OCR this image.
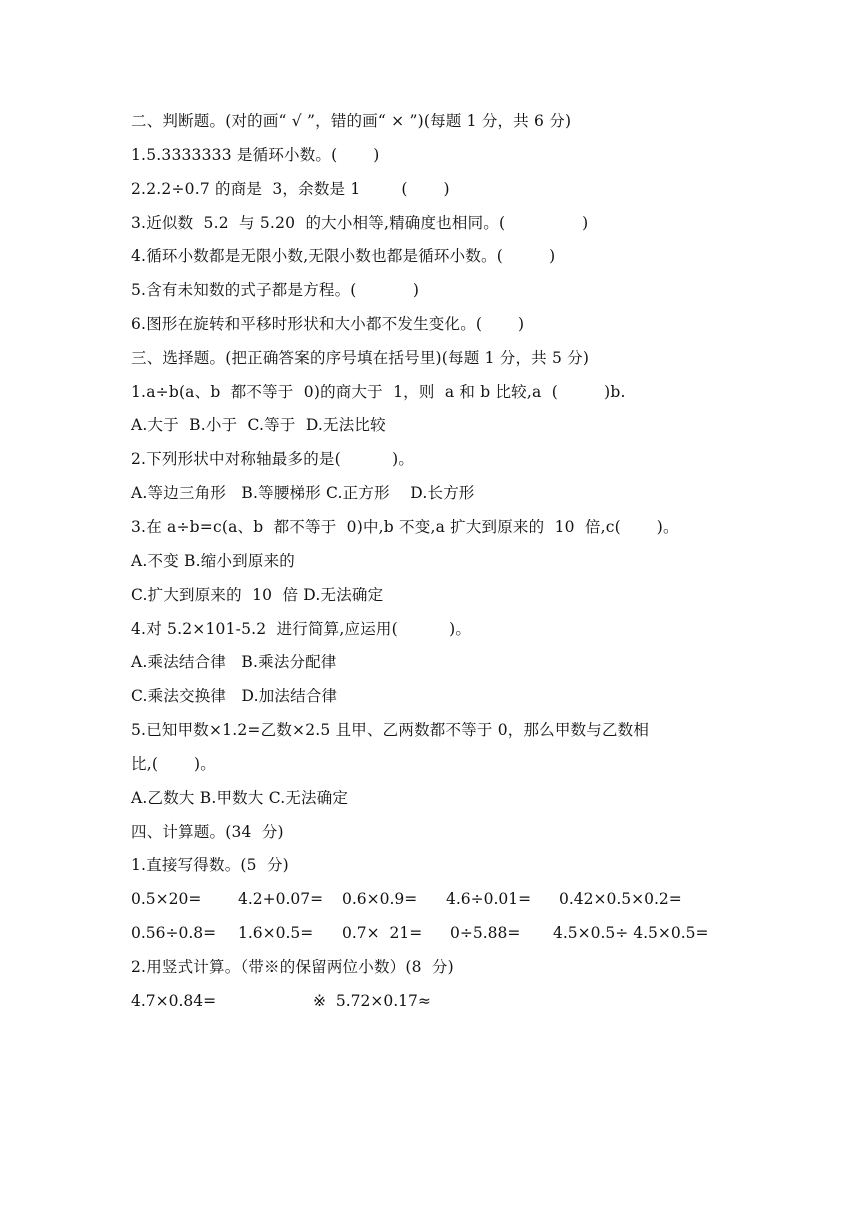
二、判断题。(对的画“ √ ”，错的画“ × ”)(每题 1 分，共 6 分)
1.5.3333333 是循环小数。(       )
2.2.2÷0.7 的商是  3，余数是 1        (       )
3.近似数  5.2  与 5.20  的大小相等,精确度也相同。(               )
4.循环小数都是无限小数,无限小数也都是循环小数。(         )
5.含有未知数的式子都是方程。(           )
6.图形在旋转和平移时形状和大小都不发生变化。(       )
三、选择题。(把正确答案的序号填在括号里)(每题 1 分，共 5 分)
1.a÷b(a、b  都不等于  0)的商大于  1，则  a 和 b 比较,a  (         )b.
A.大于  B.小于  C.等于  D.无法比较
2.下列形状中对称轴最多的是(          )。
A.等边三角形   B.等腰梯形 C.正方形    D.长方形
3.在 a÷b=c(a、b  都不等于  0)中,b 不变,a 扩大到原来的  10  倍,c(       )。
A.不变 B.缩小到原来的
C.扩大到原来的  10  倍 D.无法确定
4.对 5.2×101-5.2  进行简算,应运用(          )。
A.乘法结合律   B.乘法分配律
C.乘法交换律   D.加法结合律
5.已知甲数×1.2=乙数×2.5 且甲、乙两数都不等于 0，那么甲数与乙数相
比,(       )。
A.乙数大 B.甲数大 C.无法确定
四、计算题。(34  分)
1.直接写得数。(5  分)
0.5×20= 4.2+0.07= 0.6×0.9= 4.6÷0.01= 0.42×0.5×0.2=
0.56÷0.8= 1.6×0.5= 0.7×  21= 0÷5.88= 4.5×0.5÷ 4.5×0.5=
2.用竖式计算。（带※的保留两位小数）(8  分)
4.7×0.84=	※  5.72×0.17≈
